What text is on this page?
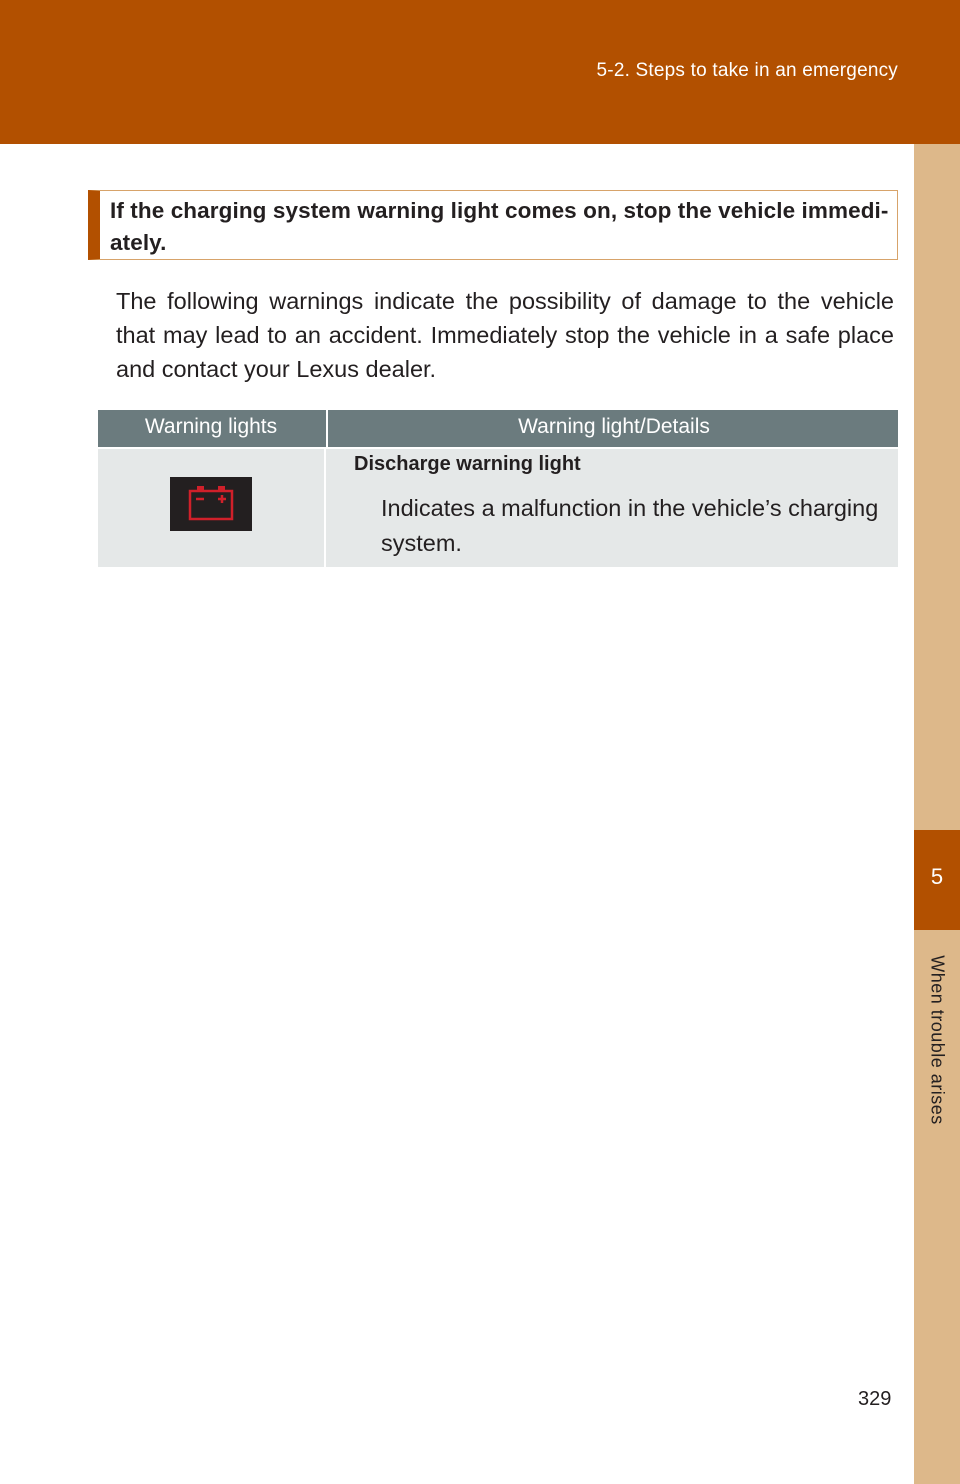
5-2. Steps to take in an emergency
5
When trouble arises
If the charging system warning light comes on, stop the vehicle immedi-ately.
The following warnings indicate the possibility of damage to the vehicle that may lead to an accident. Immediately stop the vehicle in a safe place and contact your Lexus dealer.
Warning lights	Warning light/Details
Discharge warning light
Indicates a malfunction in the vehicle’s charging system.
329
